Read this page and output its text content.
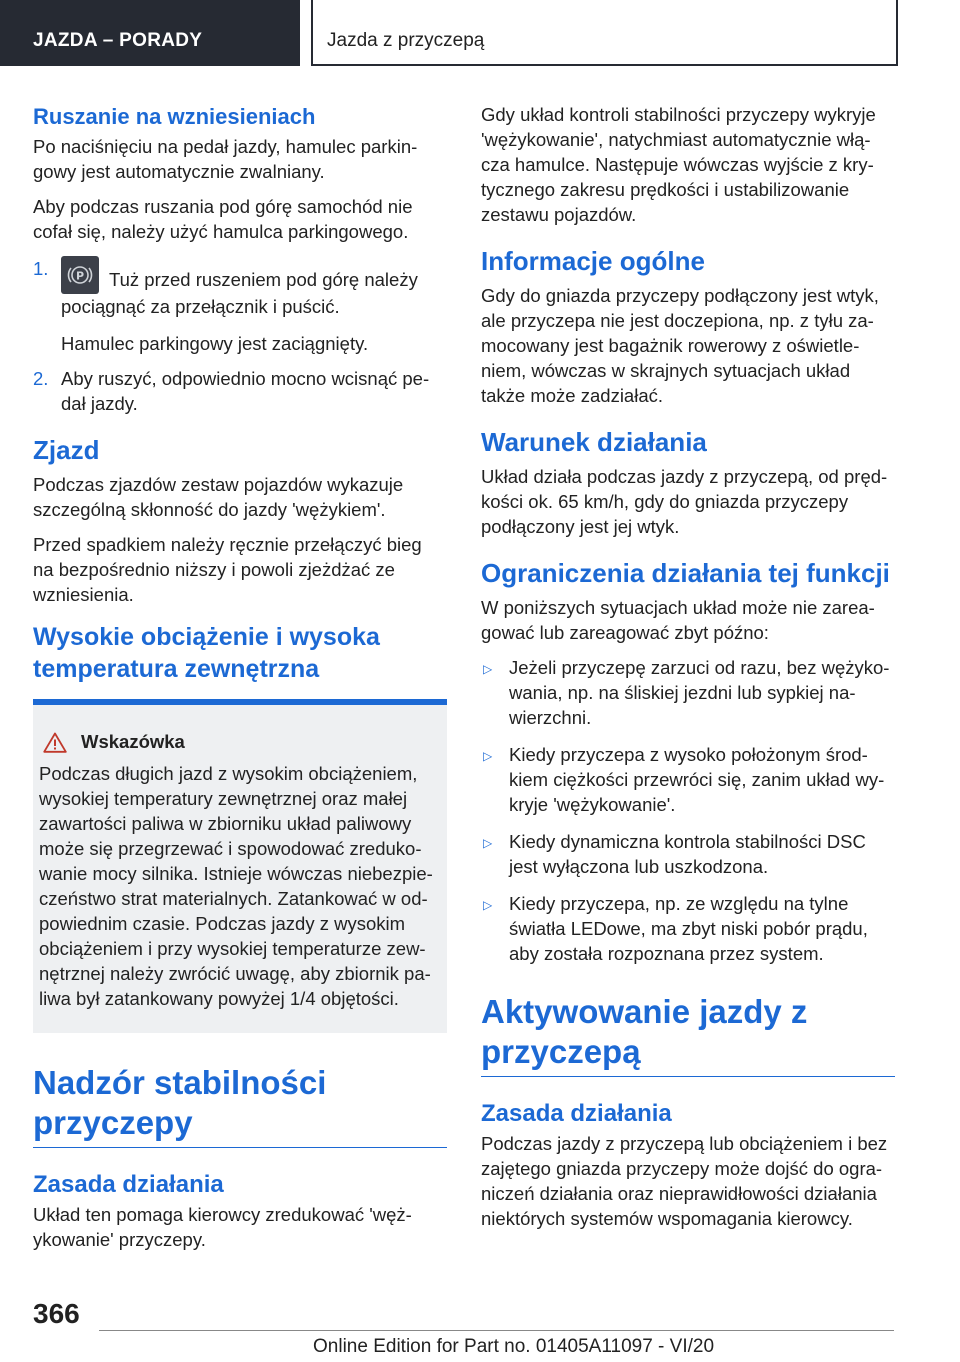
JAZDA – PORADY	Jazda z przyczepą
Ruszanie na wzniesieniach

Po naciśnięciu na pedał jazdy, hamulec parkin-gowy jest automatycznie zwalniany.

Aby podczas ruszania pod górę samochód nie cofał się, należy użyć hamulca parkingowego.

1.	P Tuż przed ruszeniem pod górę należy pociągnąć za przełącznik i puścić.

Hamulec parkingowy jest zaciągnięty.

2. Aby ruszyć, odpowiednio mocno wcisnąć pe-dał jazdy.
Zjazd

Podczas zjazdów zestaw pojazdów wykazuje szczególną skłonność do jazdy 'wężykiem'.

Przed spadkiem należy ręcznie przełączyć bieg na bezpośrednio niższy i powoli zjeżdżać ze wzniesienia.

Wysokie obciążenie i wysoka temperatura zewnętrzna
Wskazówka

Podczas długich jazd z wysokim obciążeniem, wysokiej temperatury zewnętrznej oraz małej zawartości paliwa w zbiorniku układ paliwowy może się przegrzewać i spowodować zreduko-wanie mocy silnika. Istnieje wówczas niebezpie-czeństwo strat materialnych. Zatankować w od-powiednim czasie. Podczas jazdy z wysokim obciążeniem i przy wysokiej temperaturze zew-nętrznej należy zwrócić uwagę, aby zbiornik pa-liwa był zatankowany powyżej 1/4 objętości.

Nadzór stabilności przyczepy
Zasada działania

Układ ten pomaga kierowcy zredukować 'węż-ykowanie' przyczepy.

Gdy układ kontroli stabilności przyczepy wykryje 'wężykowanie', natychmiast automatycznie włą-cza hamulce. Następuje wówczas wyjście z kry-tycznego zakresu prędkości i ustabilizowanie zestawu pojazdów.

Informacje ogólne

Gdy do gniazda przyczepy podłączony jest wtyk, ale przyczepa nie jest doczepiona, np. z tyłu za-mocowany jest bagażnik rowerowy z oświetle-niem, wówczas w skrajnych sytuacjach układ także może zadziałać.

Warunek działania

Układ działa podczas jazdy z przyczepą, od pręd-kości ok. 65 km/h, gdy do gniazda przyczepy podłączony jest jej wtyk.

Ograniczenia działania tej funkcji

W poniższych sytuacjach układ może nie zarea-gować lub zareagować zbyt późno:

▷ Jeżeli przyczepę zarzuci od razu, bez wężyko-wania, np. na śliskiej jezdni lub sypkiej na-wierzchni.
▷ Kiedy przyczepa z wysoko położonym środ-kiem ciężkości przewróci się, zanim układ wy-kryje 'wężykowanie'.
▷ Kiedy dynamiczna kontrola stabilności DSC jest wyłączona lub uszkodzona.
▷ Kiedy przyczepa, np. ze względu na tylne światła LEDowe, ma zbyt niski pobór prądu, aby została rozpoznana przez system.
Aktywowanie jazdy z przyczepą
Zasada działania

Podczas jazdy z przyczepą lub obciążeniem i bez zajętego gniazda przyczepy może dojść do ogra-niczeń działania oraz nieprawidłowości działania niektórych systemów wspomagania kierowcy.

366
Online Edition for Part no. 01405A11097 - VI/20
